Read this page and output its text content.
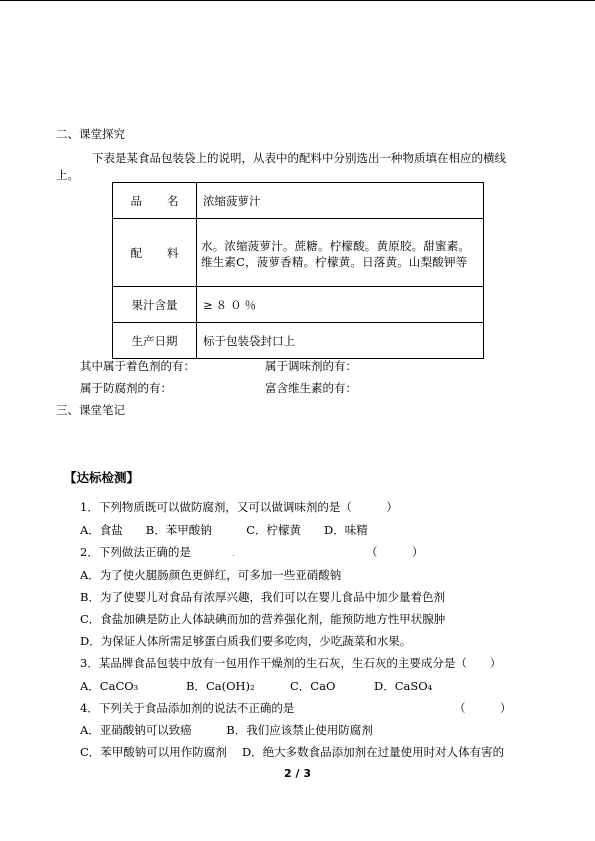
二、课堂探究
下表是某食品包装袋上的说明，从表中的配料中分别选出一种物质填在相应的横线
上。
品 名	浓缩菠萝汁
配 料	水。浓缩菠萝汁。蔗糖。柠檬酸。黄原胶。甜蜜素。维生素C，菠萝香精。柠檬黄。日落黄。山梨酸钾等

果汁含量	≥８０％
生产日期	标于包装袋封口上
其中属于着色剂的有：	属于调味剂的有：
属于防腐剂的有：	富含维生素的有：
三、课堂笔记
【达标检测】
1．下列物质既可以做防腐剂，又可以做调味剂的是（　　　）
A．食盐　　B．苯甲酸钠　　　C．柠檬黄　　D．味精
2．下列做法正确的是	（　　　）
A．为了使火腿肠颜色更鲜红，可多加一些亚硝酸钠
B．为了使婴儿对食品有浓厚兴趣，我们可以在婴儿食品中加少量着色剂
C．食盐加碘是防止人体缺碘而加的营养强化剂，能预防地方性甲状腺肿
D．为保证人体所需足够蛋白质我们要多吃肉，少吃蔬菜和水果。
3．某品牌食品包装中放有一包用作干燥剂的生石灰，生石灰的主要成分是（　　）
A．CaCO₃	B．Ca(OH)₂	C．CaO	D．CaSO₄
4．下列关于食品添加剂的说法不正确的是	（　　　）
A．亚硝酸钠可以致癌　　　B．我们应该禁止使用防腐剂
C．苯甲酸钠可以用作防腐剂　 D．绝大多数食品添加剂在过量使用时对人体有害的
2 / 3
